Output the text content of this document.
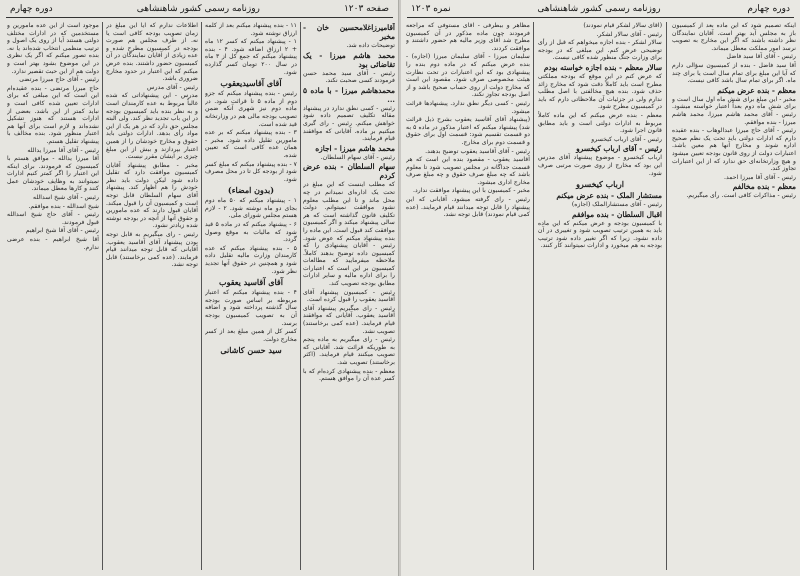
صفحه ۱۲۰۳
روزنامه رسمی کشور شاهنشاهی
دوره چهارم
آقامیرزاغلامحسین خان - مخبر
توضیحات داده شد.
محمد هاشم میرزا - یک تقاضائی بود
رئیس - آقای سید محمد حسن فرمودند کسی صحبت نکند.
محمدهاشم میرزا - با ماده ۵ ...
رئیس - کسی نطق ندارد در پیشنهاد مقاله تکلیف تصمیم داده شود خواهش میکنم. رئیس - رای گیری میکنیم بر ماده. آقایانی که موافقند قیام فرمایند.
محمد هاشم میرزا - اجازه
رئیس - آقای سهام السلطان.
سهام السلطان - بنده عرض کردم
که مطلب اینست که این مبلغ در تحت یک اداره‌ای نمیدانم در چه محل ماند و تا این مطلب معلوم نشود موافقت نمیتوانم. دولت تکلیف قانون گذاشته است که هر سالی پیشنهاد میکند و اگر کمیسیون موافقت کند قبول است. این ماده را بنده پیشنهاد میکنم که عوض شود. رئیس - آقایان پیشنهادی را که کمیسیون داده توضیح بدهند کاملاً. ملاحظه میفرمایید که مطالعات کمیسیون بر این است که اعتبارات را برای اداره مالیه و سایر ادارات مطابق بودجه تصویب کند.
رئیس - کمیسیون پیشنهاد آقای آقاسید یعقوب را قبول کرده است.
رئیس - رای میگیریم پیشنهاد آقای آقاسید یعقوب. آقایانی که موافقند قیام فرمایند. (عده کمی برخاستند) تصویب نشد.
رئیس - رای میگیریم به ماده پنجم به طوریکه قرائت شد. آقایانی که تصویب میکنند قیام فرمایند. (اکثر برخاستند) تصویب شد.
معظم - بنده پیشنهادی کرده‌ام که با کسر عدة آن را موافق هستم.
۱۱ - بنده پیشنهاد میکنم بعد از کلمه ارزاق نوشته شود.
۱ - پیشنهاد میکنم که کسر ۱۲ ماه + ۲ ارزاق اضافه شود. ۴ - بنده پیشنهاد میکنم که جمع کل از ۳ ماه در سال ۲۰۰ تومان کسر گذارده شود.
آقای آقاسیدیعقوب
رئیس - بنده پیشنهاد میکنم که جزو دوم از ماده ۵ تا قرائت شود. در ماده دوم نیز شهری آنکه ضمن تصویب بودجه مالی هم در وزارتخانه قید شده است.
۳ - بنده پیشنهاد میکنم که بر عده مامورین تقلیل داده شود. مخبر - همان عده کافی است که تعیین شده.
۷ - بنده پیشنهاد میکنم که مبلغ کسر شود از بودجه کل تا در محل مصرف شود.
(بدون امضاء)
۱ - پیشنهاد میکنم که ۵۰ ماه دوم بجای دو ماه نوشته شود. ۲ - لازم هستم مجلس شورای ملی.
۶ - پیشنهاد میکنم که در ماده ۵ قید شود که مالیات به موقع وصول گردد.
۵ - بنده پیشنهاد میکنم که عده کارمندان وزارت مالیه تقلیل داده شود و همچنین در حقوق آنها تجدید نظر شود.
آقای آقاسید یعقوب
۴ - بنده پیشنهاد میکنم که اعتبار مربوطه بر اساس صورت بودجه سال گذشته پرداخته شود و اضافه آن به تصویب کمیسیون بودجه برسد.
کسر کل از همین مبلغ بعد از کسر مخارج دولت.
سید حسن کاشانی
اطلاعات ندارم که آیا این مبلغ در زمان تصویب بودجه کافی است یا نه. از طرف مجلس هم صورت بودجه در کمیسیون مطرح شده و عده زیادی از آقایان نمایندگان در آن کمیسیون حضور داشتند. بنده عرض میکنم که این اعتبار در حدود مخارج ضروری باشد.
رئیس - آقای مدرس
مدرس - این پیشنهاداتی که شده غالباً مربوط به عده کارمندان است و به نظر بنده باید کمیسیون بودجه در این باب تجدید نظر کند. ولی البته مجلس حق دارد که در هر یک از این مواد رأی بدهد. ادارات دولتی باید حقوق و مخارج خودشان را از همین اعتبار بپردازند و بیش از این مبلغ چیزی بر ایشان مقرر نیست.
مخبر - مطابق پیشنهاد آقایان کمیسیون موافقت دارد که تقلیل داده شود لیکن دولت باید نظر خودش را هم اظهار کند. پیشنهاد آقای سهام السلطان قابل توجه است و کمیسیون آن را قبول میکند. آقایان قبول دارند که عده مامورین و حقوق آنها از آنچه در بودجه نوشته شده زیادتر نشود.
رئیس - رای میگیریم به قابل توجه بودن پیشنهاد آقای آقاسید یعقوب. آقایانی که قابل توجه میدانند قیام فرمایند. (عده کمی برخاستند) قابل توجه نشد.
موجود است از این عده مامورین و مستخدمین که در ادارات مختلف دولتی هستند آیا از روی یک اصول و ترتیب منظمی انتخاب شده‌اند یا نه. بنده تصور میکنم که اگر یک نظری در این موضوع بشود بهتر است و دولت هم از این حیث تقصیر ندارد.
رئیس - آقای حاج میرزا مرتضی
حاج میرزا مرتضی - بنده عقیده‌ام این است که این مبلغی که برای ادارات تعیین شده کافی است و نباید کمتر از این باشد. بعضی از ادارات هستند که هنوز تشکیل نشده‌اند و لازم است برای آنها هم اعتبار منظور شود. بنده مخالف با پیشنهاد تقلیل هستم.
رئیس - آقای آقا میرزا یدالله
آقا میرزا یدالله - موافق هستم با کمیسیون که فرمودند. برای اینکه این اعتبار را اگر کمتر کنیم ادارات نمیتوانند به وظایف خودشان عمل کنند و کارها معطل میماند.
رئیس - آقای شیخ اسدالله
شیخ اسدالله - بنده موافقم.
رئیس - آقای حاج شیخ اسدالله قبول فرمودند.
رئیس - آقای آقا شیخ ابراهیم
آقا شیخ ابراهیم - بنده عرضی ندارم.
دوره چهارم
روزنامه رسمی کشور شاهنشاهی
نمره ۱۲۰۳
اینکه تصمیم شود که این ماده بعد از کمیسیون باز به مجلس آید بهتر است. آقایان نمایندگان نظر داشته باشند که اگر این مخارج به تصویب نرسد امور مملکت معطل میماند.
رئیس - آقای آقا سید فاضل
آقا سید فاضل - بنده از کمیسیون سؤالی دارم که آیا این مبلغ برای تمام سال است یا برای چند ماه. اگر برای تمام سال باشد کافی نیست.
معظم - بنده عرض میکنم
مخبر - این مبلغ برای شش ماه اول سال است و برای شش ماه دوم بعداً اعتبار خواسته میشود. رئیس - آقای محمد هاشم میرزا. محمد هاشم میرزا - بنده موافقم.
رئیس - آقای حاج میرزا عبدالوهاب - بنده عقیده دارم که ادارات دولتی باید تحت یک نظم صحیح اداره شوند و مخارج آنها هم معین باشد. اعتبارات دولت از روی قانون بودجه تعیین میشود و هیچ وزارتخانه‌ای حق ندارد که از این اعتبارات تجاوز کند.
رئیس - آقای آقا میرزا احمد.
معظم - بنده مخالفم
رئیس - مذاکرات کافی است. رأی میگیریم.
(آقای سالار لشکر قیام نمودند)
رئیس - آقای سالار لشکر.
سالار لشکر - بنده اجازه میخواهم که قبل از رأی توضیحی عرض کنم. این مبلغی که در بودجه برای وزارت جنگ منظور شده کافی نیست.
سالار معظم - بنده اجازه خواسته بودم
که عرض کنم در این موقع که بودجه مملکتی مطرح است باید کاملاً دقت شود که مخارج زائد حذف شود. بنده هیچ مخالفتی با اصل مطلب ندارم ولی در جزئیات آن ملاحظاتی دارم که باید در کمیسیون مطرح شود.
معظم - بنده عرض میکنم که این ماده کاملاً مربوط به ادارات دولتی است و باید مطابق قانون اجرا شود.
رئیس - آقای ارباب کیخسرو
رئیس - آقای ارباب کیخسرو
ارباب کیخسرو - موضوع پیشنهاد آقای مدرس این بود که مخارج از روی صورت مرتبی صرف شود.
ارباب کیخسرو
مستشار الملک - بنده عرض میکنم
رئیس - آقای مستشارالملک (اجازه)
اقبال السلطان - بنده موافقم
با کمیسیون بودجه و عرض میکنم که این ماده باید به همین ترتیب تصویب شود و تغییری در آن داده نشود. زیرا که اگر تغییر داده شود ترتیب بودجه به هم میخورد و ادارات نمیتوانند کار کنند.
مظاهر و بیطرفی - آقای مستوفی که مراجعه فرمودند چون ماده مذکور در آن کمیسیون مطرح شد آقای وزیر مالیه هم حضور داشتند و موافقت کردند.
سلیمان میرزا - آقای سلیمان میرزا (اجازه) - بنده عرض میکنم که در ماده دوم بنده را پیشنهادی بود که این اعتبارات در تحت نظارت هیئت مخصوصی صرف شود. مقصود این است که مخارج دولت از روی حساب صحیح باشد و از اصل بودجه تجاوز نکند.
رئیس - کسی دیگر نطق ندارد. پیشنهادها قرائت میشود.
(پیشنهاد آقای آقاسید یعقوب بشرح ذیل قرائت شد) پیشنهاد میکنم که اعتبار مذکور در ماده ۵ به دو قسمت تقسیم شود: قسمت اول برای حقوق و قسمت دوم برای مخارج.
رئیس - آقای آقاسید یعقوب توضیح بدهند.
آقاسید یعقوب - مقصود بنده این است که هر قسمت جداگانه در مجلس تصویب شود تا معلوم باشد که چه مبلغ صرف حقوق و چه مبلغ صرف مخارج اداری میشود.
مخبر - کمیسیون با این پیشنهاد موافقت ندارد.
رئیس - رای گرفته میشود. آقایانی که این پیشنهاد را قابل توجه میدانند قیام فرمایند. (عده کمی قیام نمودند) قابل توجه نشد.
